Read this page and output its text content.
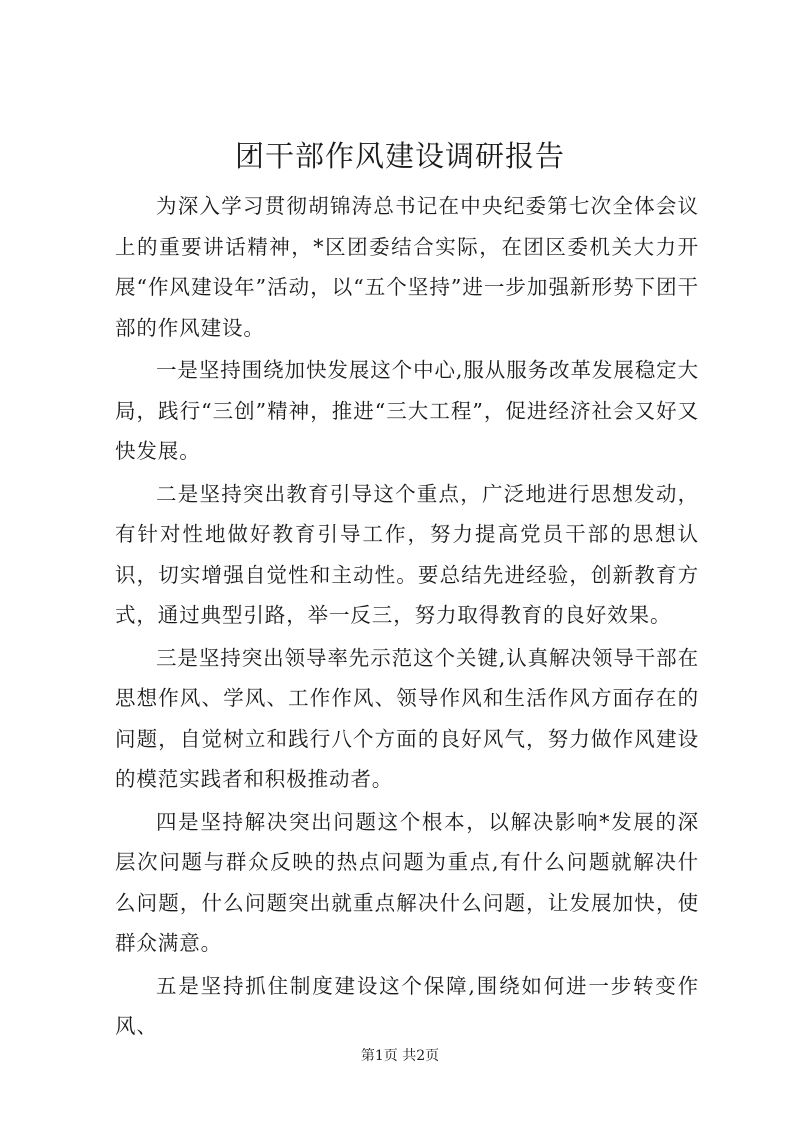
团干部作风建设调研报告

为深入学习贯彻胡锦涛总书记在中央纪委第七次全体会议上的重要讲话精神，*区团委结合实际，在团区委机关大力开展“作风建设年”活动，以“五个坚持”进一步加强新形势下团干部的作风建设。

一是坚持围绕加快发展这个中心,服从服务改革发展稳定大局，践行“三创”精神，推进“三大工程”，促进经济社会又好又快发展。

二是坚持突出教育引导这个重点，广泛地进行思想发动，有针对性地做好教育引导工作，努力提高党员干部的思想认识，切实增强自觉性和主动性。要总结先进经验，创新教育方式，通过典型引路，举一反三，努力取得教育的良好效果。

三是坚持突出领导率先示范这个关键,认真解决领导干部在思想作风、学风、工作作风、领导作风和生活作风方面存在的问题，自觉树立和践行八个方面的良好风气，努力做作风建设的模范实践者和积极推动者。

四是坚持解决突出问题这个根本，以解决影响*发展的深层次问题与群众反映的热点问题为重点,有什么问题就解决什么问题，什么问题突出就重点解决什么问题，让发展加快，使群众满意。

五是坚持抓住制度建设这个保障,围绕如何进一步转变作风、

第1页 共2页
